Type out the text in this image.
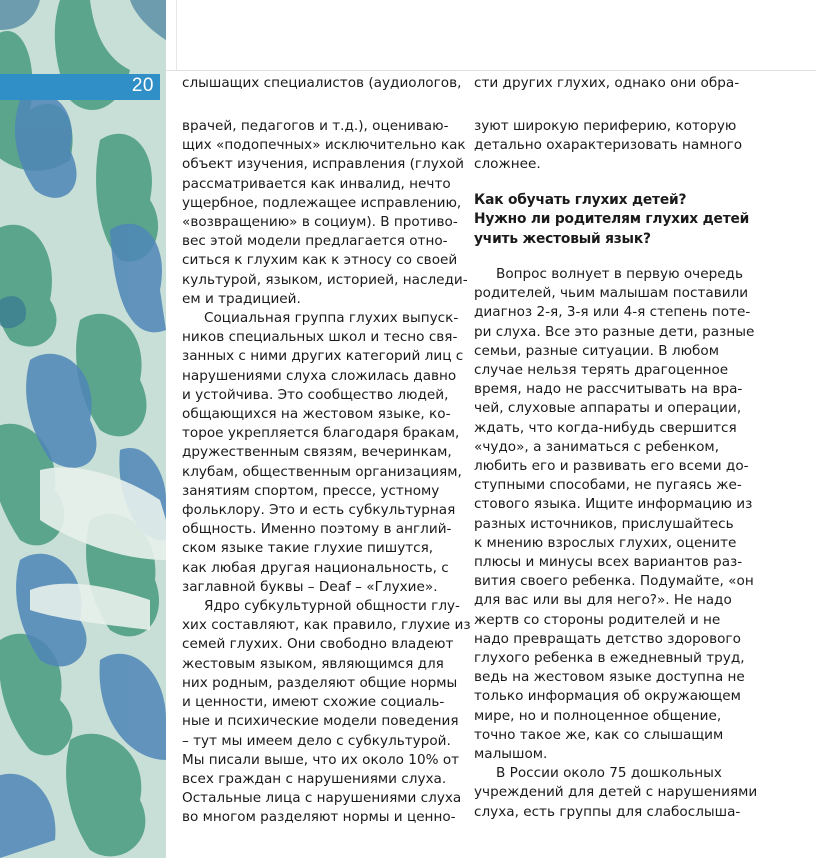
20 слышащих специалистов (аудиологов,
врачей, педагогов и т.д.), оцениваю-
щих «подопечных» исключительно как
объект изучения, исправления (глухой
рассматривается как инвалид, нечто
ущербное, подлежащее исправлению,
«возвращению» в социум). В противо-
вес этой модели предлагается отно-
ситься к глухим как к этносу со своей
культурой, языком, историей, наследи-
ем и традицией.
Социальная группа глухих выпуск-
ников специальных школ и тесно свя-
занных с ними других категорий лиц с
нарушениями слуха сложилась давно
и устойчива. Это сообщество людей,
общающихся на жестовом языке, ко-
торое укрепляется благодаря бракам,
дружественным связям, вечеринкам,
клубам, общественным организациям,
занятиям спортом, прессе, устному
фольклору. Это и есть субкультурная
общность. Именно поэтому в англий-
ском языке такие глухие пишутся,
как любая другая национальность, с
заглавной буквы – Deaf – «Глухие».
Ядро субкультурной общности глу-
хих составляют, как правило, глухие из
семей глухих. Они свободно владеют
жестовым языком, являющимся для
них родным, разделяют общие нормы
и ценности, имеют схожие социаль-
ные и психические модели поведения
– тут мы имеем дело с субкультурой.
Мы писали выше, что их около 10% от
всех граждан с нарушениями слуха.
Остальные лица с нарушениями слуха
во многом разделяют нормы и ценно-
сти других глухих, однако они обра-
зуют широкую периферию, которую
детально охарактеризовать намного
сложнее.
Как обучать глухих детей?
Нужно ли родителям глухих детей
учить жестовый язык?
Вопрос волнует в первую очередь
родителей, чьим малышам поставили
диагноз 2-я, 3-я или 4-я степень поте-
ри слуха. Все это разные дети, разные
семьи, разные ситуации. В любом
случае нельзя терять драгоценное
время, надо не рассчитывать на вра-
чей, слуховые аппараты и операции,
ждать, что когда-нибудь свершится
«чудо», а заниматься с ребенком,
любить его и развивать его всеми до-
ступными способами, не пугаясь же-
стового языка. Ищите информацию из
разных источников, прислушайтесь
к мнению взрослых глухих, оцените
плюсы и минусы всех вариантов раз-
вития своего ребенка. Подумайте, «он
для вас или вы для него?». Не надо
жертв со стороны родителей и не
надо превращать детство здорового
глухого ребенка в ежедневный труд,
ведь на жестовом языке доступна не
только информация об окружающем
мире, но и полноценное общение,
точно такое же, как со слышащим
малышом.
В России около 75 дошкольных
учреждений для детей с нарушениями
слуха, есть группы для слабослыша-
